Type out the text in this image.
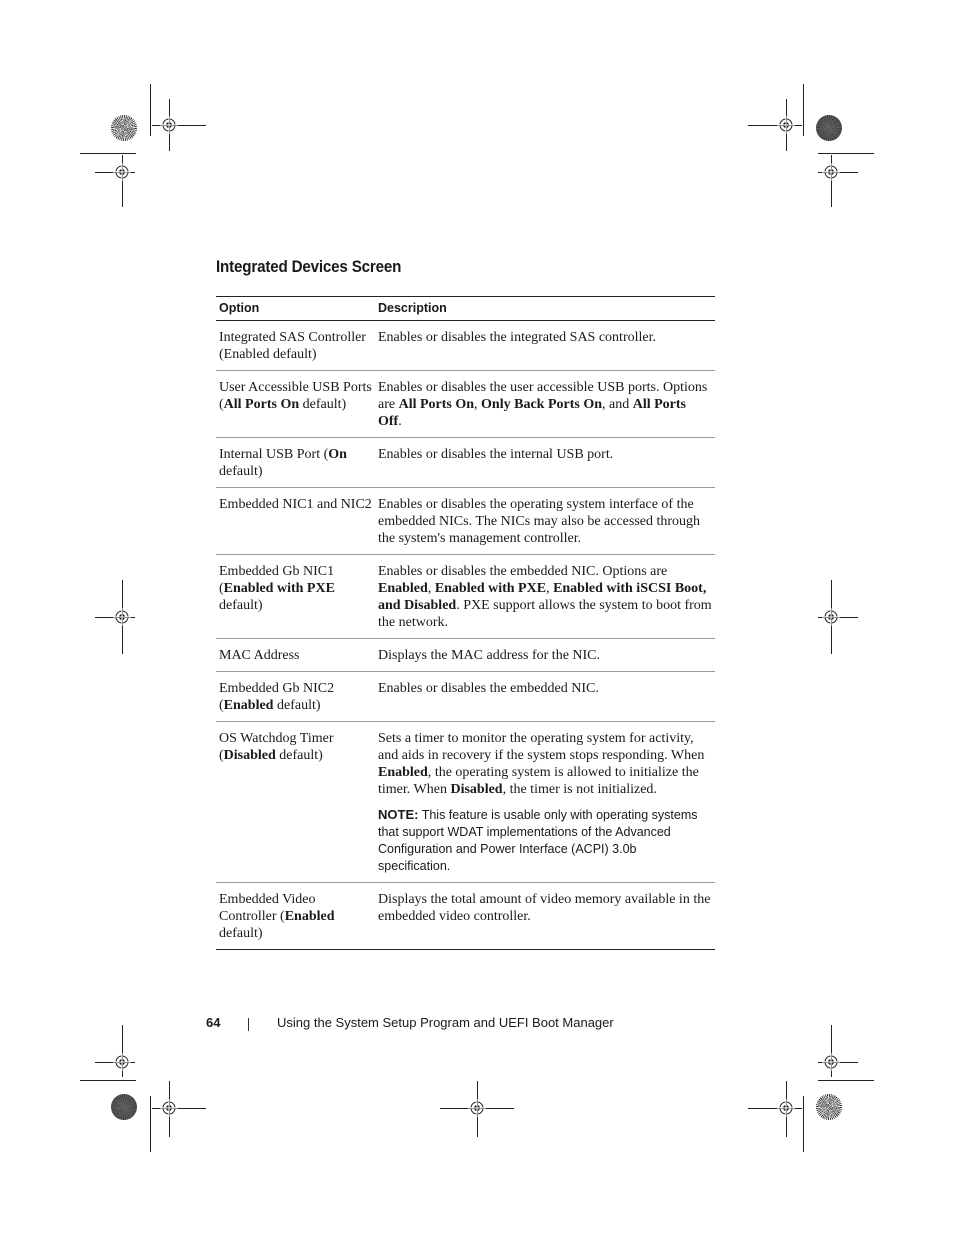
Integrated Devices Screen
Option	Description
Integrated SAS Controller (Enabled default)	Enables or disables the integrated SAS controller.

User Accessible USB Ports (All Ports On default)	Enables or disables the user accessible USB ports. Options are All Ports On, Only Back Ports On, and All Ports Off.

Internal USB Port (On default)	Enables or disables the internal USB port.

Embedded NIC1 and NIC2	Enables or disables the operating system interface of the embedded NICs. The NICs may also be accessed through the system's management controller.

Embedded Gb NIC1 (Enabled with PXE default)	Enables or disables the embedded NIC. Options are Enabled, Enabled with PXE, Enabled with iSCSI Boot, and Disabled. PXE support allows the system to boot from the network.

MAC Address	Displays the MAC address for the NIC.

Embedded Gb NIC2 (Enabled default)	Enables or disables the embedded NIC.

OS Watchdog Timer (Disabled default)	Sets a timer to monitor the operating system for activity, and aids in recovery if the system stops responding. When Enabled, the operating system is allowed to initialize the timer. When Disabled, the timer is not initialized.
NOTE: This feature is usable only with operating systems that support WDAT implementations of the Advanced Configuration and Power Interface (ACPI) 3.0b specification.

Embedded Video Controller (Enabled default)	Displays the total amount of video memory available in the embedded video controller.
64	Using the System Setup Program and UEFI Boot Manager
